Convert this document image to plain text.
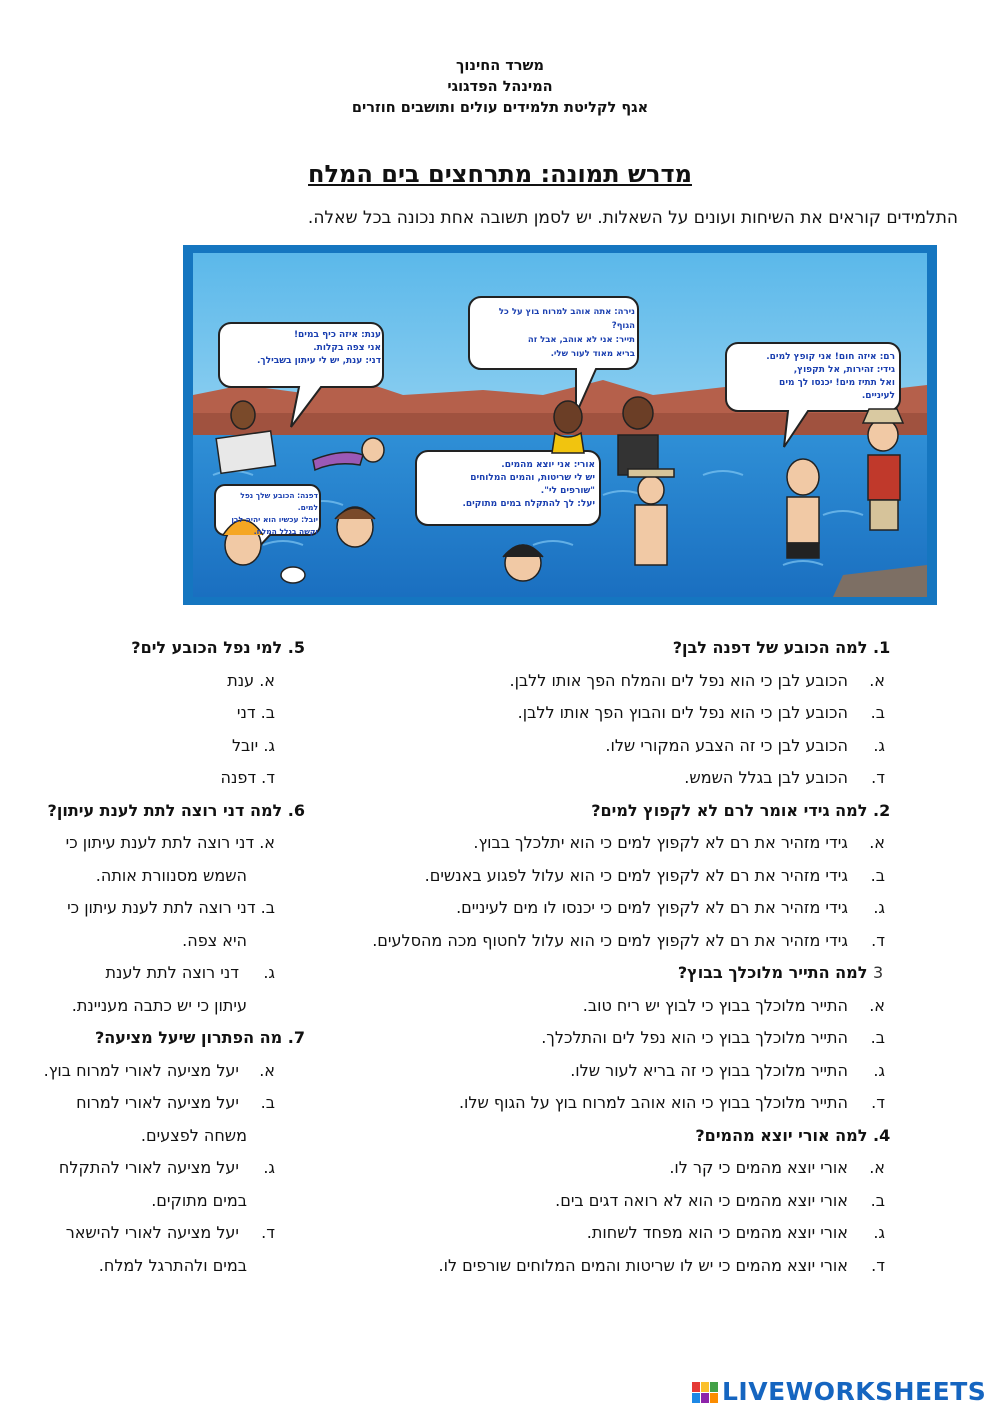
משרד החינוך
המינהל הפדגוגי
אגף לקליטת תלמידים עולים ותושבים חוזרים
מדרש תמונה: מתרחצים בים המלח
התלמידים קוראים את השיחות ועונים על השאלות. יש לסמן תשובה אחת נכונה בכל שאלה.
ענת: איזה כיף במים!
אני צפה בקלות.
דני: ענת, יש לי עיתון בשבילך.
נירה: אתה אוהב למרוח בוץ על כל הגוף?
תייר: אני לא אוהב, אבל זה
בריא מאוד לעור שלי.	רם: איזה חום! אני קופץ למים.
גידי: זהירות, אל תקפוץ,
ואל תתיז מים! יכנסו לך מים
לעיניים.
אורי: אני יוצא מהמים.
יש לי שריטות, והמים המלוחים
"שורפים לי".
יעל: לך להתקלח במים מתוקים.
דפנה: הכובע שלך נפל למים.
יובל: עכשיו הוא יהיה לבן
וקשה בגלל המלח.
1. למה הכובע של דפנה לבן?
א. הכובע לבן כי הוא נפל לים והמלח הפך אותו ללבן.
ב. הכובע לבן כי הוא נפל לים והבוץ הפך אותו ללבן.
ג. הכובע לבן כי זה הצבע המקורי שלו.
ד. הכובע לבן בגלל השמש.
2. למה גידי אומר לרם לא לקפוץ למים?
א. גידי מזהיר את רם לא לקפוץ למים כי הוא יתלכלך בבוץ.
ב. גידי מזהיר את רם לא לקפוץ למים כי הוא עלול לפגוע באנשים.
ג. גידי מזהיר את רם לא לקפוץ למים כי יכנסו לו מים לעיניים.
ד. גידי מזהיר את רם לא לקפוץ למים כי הוא עלול לחטוף מכה מהסלעים.
3 למה התייר מלוכלך בבוץ?
א. התייר מלוכלך בבוץ כי לבוץ יש ריח טוב.
ב. התייר מלוכלך בבוץ כי הוא נפל לים והתלכלך.
ג. התייר מלוכלך בבוץ כי זה בריא לעור שלו.
ד. התייר מלוכלך בבוץ כי הוא אוהב למרוח בוץ על הגוף שלו.
4. למה אורי יוצא מהמים?
א. אורי יוצא מהמים כי קר לו.
ב. אורי יוצא מהמים כי הוא לא רואה דגים בים.
ג. אורי יוצא מהמים כי הוא מפחד לשחות.
ד. אורי יוצא מהמים כי יש לו שריטות והמים המלוחים שורפים לו.
5. למי נפל הכובע לים?
א. ענת
ב. דני
ג. יובל
ד. דפנה
6. למה דני רוצה לתת לענת עיתון?
א. דני רוצה לתת לענת עיתון כי
השמש מסנוורת אותה.
ב. דני רוצה לתת לענת עיתון כי
היא צפה.
ג.דני רוצה לתת לענת
עיתון כי יש כתבה מעניינת.
7. מה הפתרון שיעל מציעה?
א.יעל מציעה לאורי למרוח בוץ.
ב.יעל מציעה לאורי למרוח
משחה לפצעים.
ג.יעל מציעה לאורי להתקלח
במים מתוקים.
ד.יעל מציעה לאורי להישאר
במים ולהתרגל למלח.
LIVEWORKSHEETS
